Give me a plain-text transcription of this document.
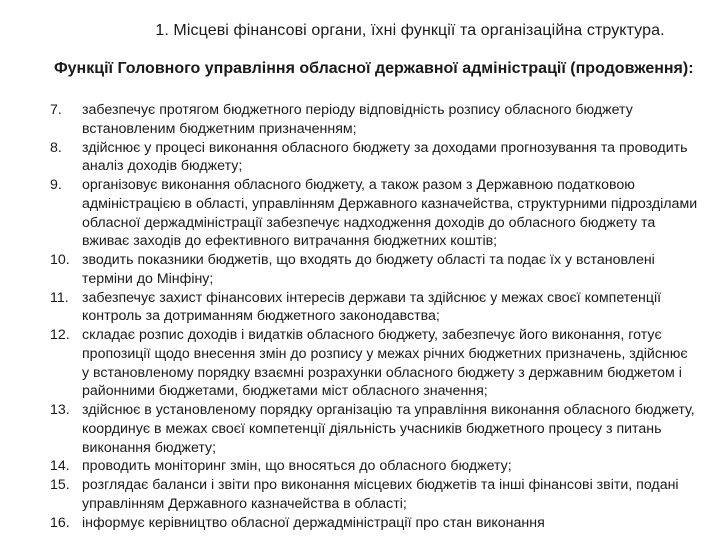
1. Місцеві фінансові органи, їхні функції та організаційна структура.
Функції Головного управління обласної державної адміністрації (продовження):
7.	забезпечує протягом бюджетного періоду відповідність розпису обласного бюджету встановленим бюджетним призначенням;
8.	здійснює у процесі виконання обласного бюджету за доходами прогнозування та проводить аналіз доходів бюджету;
9.	організовує виконання обласного бюджету, а також разом з Державною податковою адміністрацією в області, управлінням Державного казначейства, структурними підрозділами обласної держадміністрації забезпечує надходження доходів до обласного бюджету та вживає заходів до ефективного витрачання бюджетних коштів;
10. зводить показники бюджетів, що входять до бюджету області та подає їх у встановлені терміни до Мінфіну;
11. забезпечує захист фінансових інтересів держави та здійснює у межах своєї компетенції контроль за дотриманням бюджетного законодавства;
12. складає розпис доходів і видатків обласного бюджету, забезпечує його виконання, готує пропозиції щодо внесення змін до розпису у межах річних бюджетних призначень, здійснює у встановленому порядку взаємні розрахунки обласного бюджету з державним бюджетом і районними бюджетами, бюджетами міст обласного значення;
13. здійснює в установленому порядку організацію та управління виконання обласного бюджету, координує в межах своєї компетенції діяльність учасників бюджетного процесу з питань виконання бюджету;
14. проводить моніторинг змін, що вносяться до обласного бюджету;
15. розглядає баланси і звіти про виконання місцевих бюджетів та інші фінансові звіти, подані управлінням Державного казначейства в області;
16. інформує керівництво обласної держадміністрації про стан виконання
